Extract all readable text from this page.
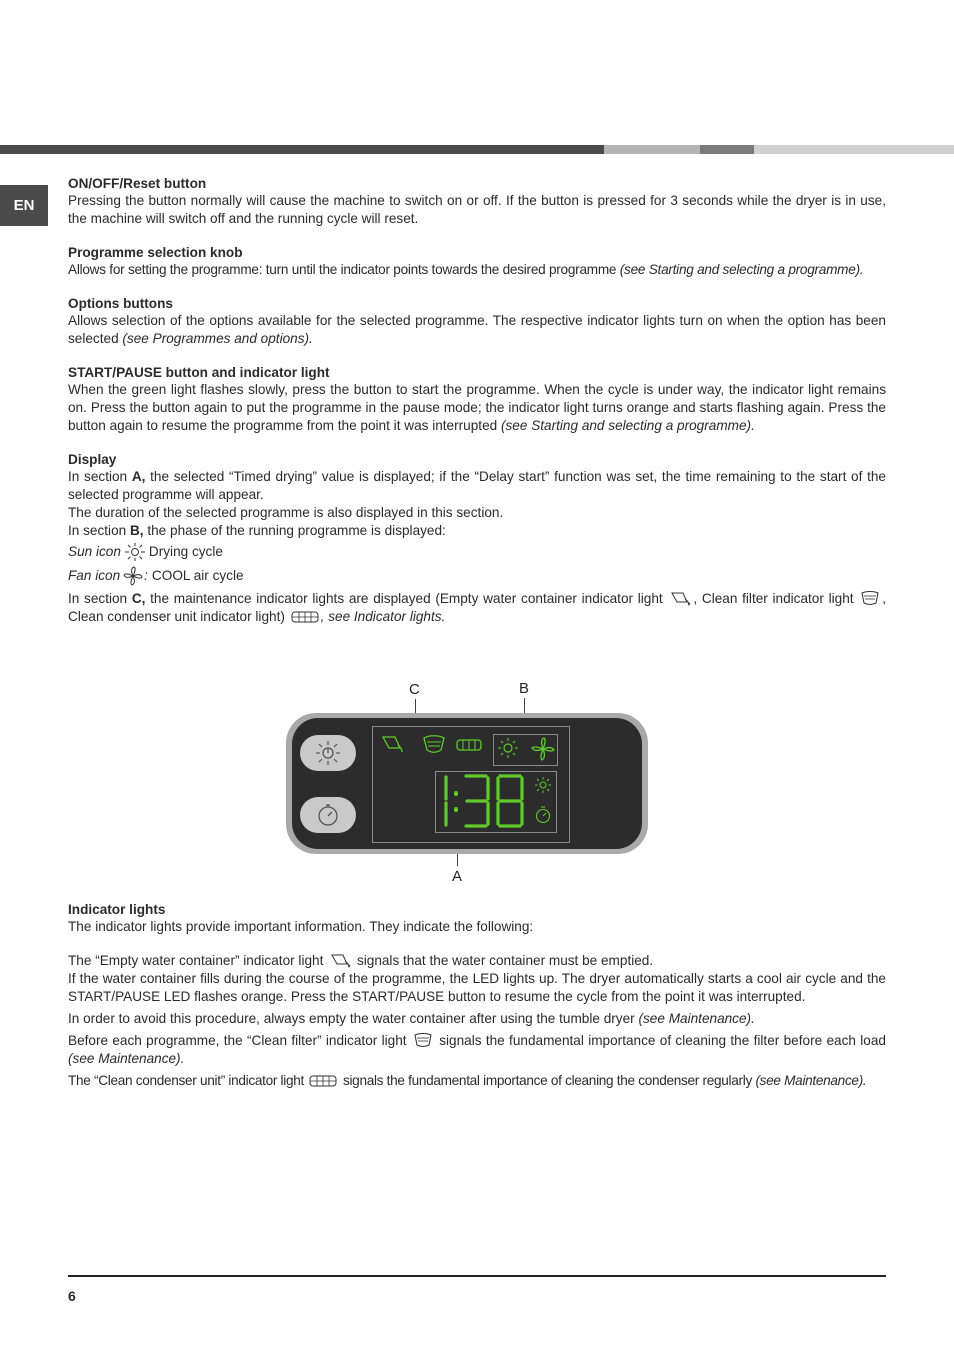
EN
ON/OFF/Reset button

Pressing the button normally will cause the machine to switch on or off. If the button is pressed for 3 seconds while the dryer is in use, the machine will switch off and the running cycle will reset.

Programme selection knob

Allows for setting the programme: turn until the indicator points towards the desired programme (see Starting and selecting a programme).

Options buttons

Allows selection of the options available for the selected programme. The respective indicator lights turn on when the option has been selected (see Programmes and options).

START/PAUSE button and indicator light

When the green light flashes slowly, press the button to start the programme. When the cycle is under way, the indicator light remains on. Press the button again to put the programme in the pause mode; the indicator light turns orange and starts flashing again. Press the button again to resume the programme from the point it was interrupted (see Starting and selecting a programme).

Display

In section A, the selected “Timed drying” value is displayed; if the “Delay start” function was set, the time remaining to the start of the selected programme will appear.

The duration of the selected programme is also displayed in this section.

In section B, the phase of the running programme is displayed:

Sun icon Drying cycle
Fan icon : COOL air cycle

In section C, the maintenance indicator lights are displayed (Empty water container indicator light , Clean filter indicator light , Clean condenser unit indicator light)	, see Indicator lights.

C	B
A
Indicator lights

The indicator lights provide important information. They indicate the following:

The “Empty water container” indicator light signals that the water container must be emptied.

If the water container fills during the course of the programme, the LED lights up. The dryer automatically starts a cool air cycle and the START/PAUSE LED flashes orange. Press the START/PAUSE button to resume the cycle from the point it was interrupted.

In order to avoid this procedure, always empty the water container after using the tumble dryer (see Maintenance).

Before each programme, the “Clean filter” indicator light signals the fundamental importance of cleaning the filter before each load (see Maintenance).

The “Clean condenser unit” indicator light	signals the fundamental importance of cleaning the condenser regularly (see Maintenance).

6
